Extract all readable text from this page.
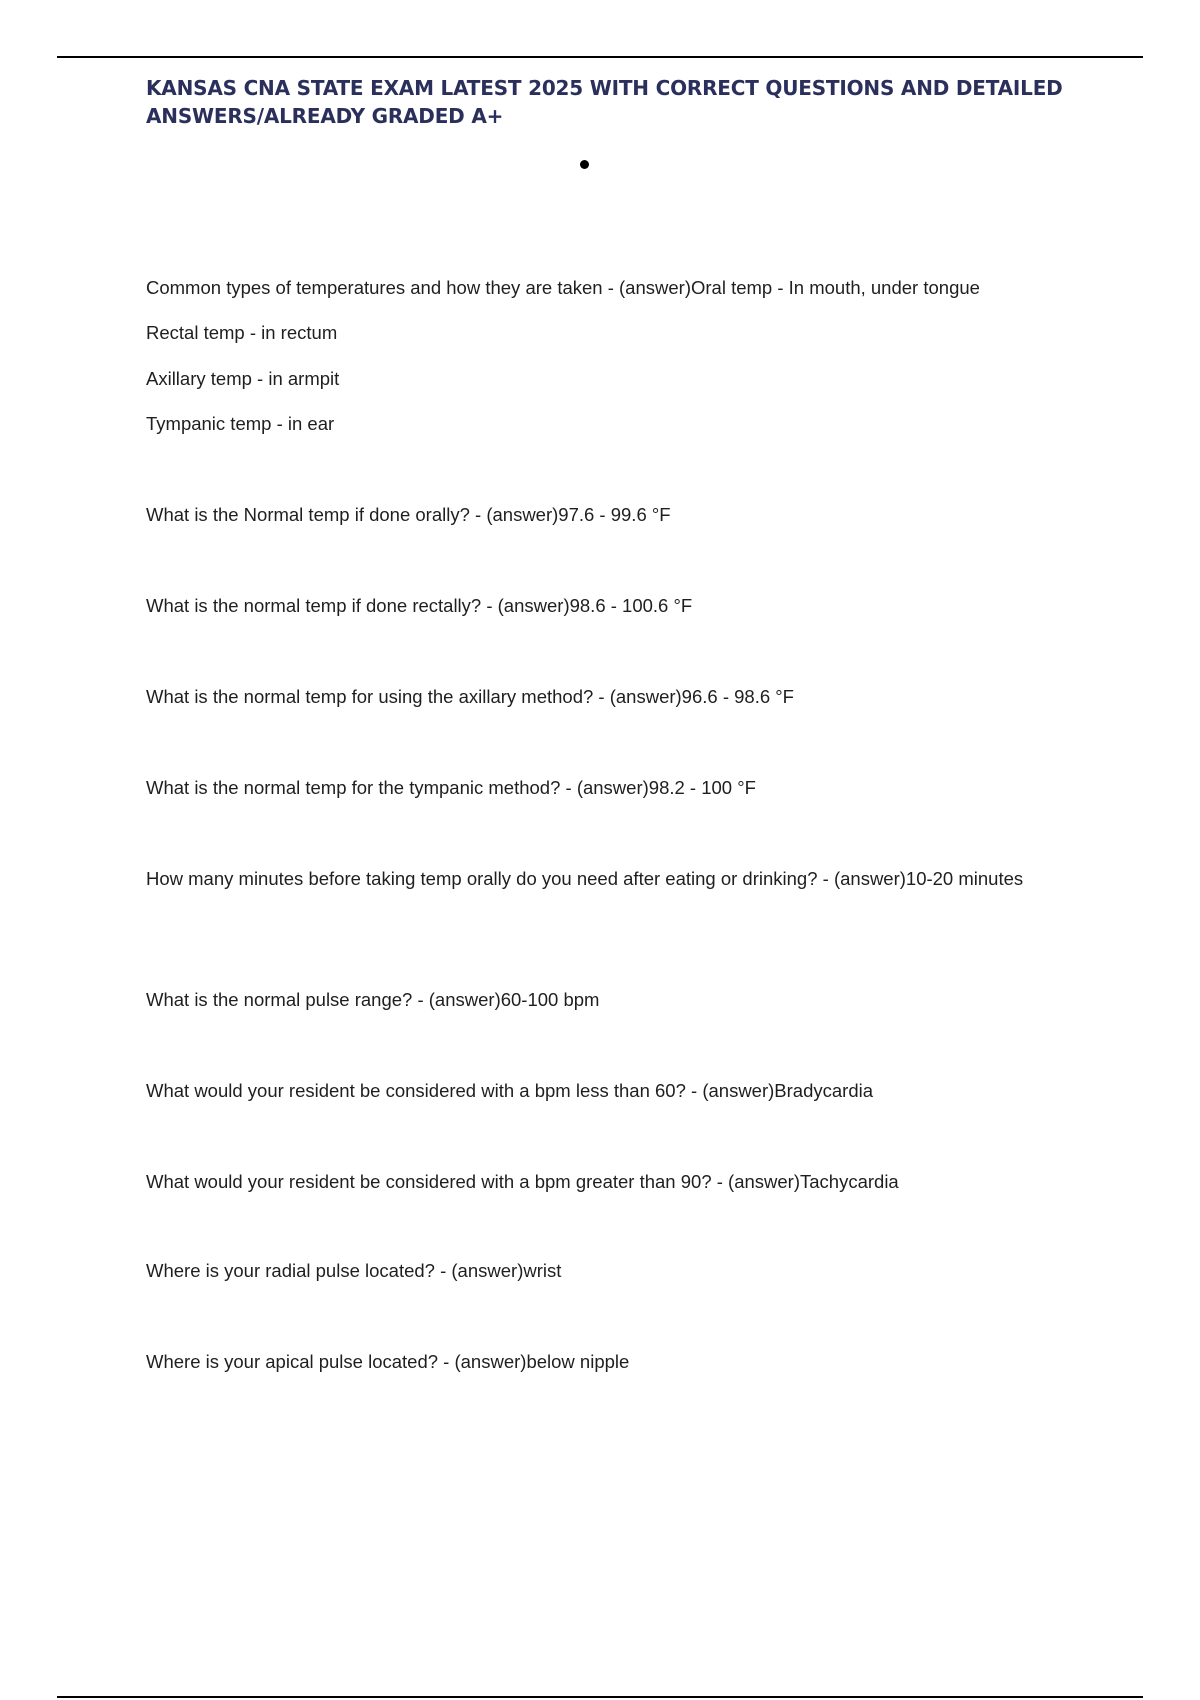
KANSAS CNA STATE EXAM LATEST 2025 WITH CORRECT QUESTIONS AND DETAILED ANSWERS/ALREADY GRADED A+

Common types of temperatures and how they are taken - (answer)Oral temp - In mouth, under tongue

Rectal temp - in rectum

Axillary temp - in armpit

Tympanic temp - in ear

What is the Normal temp if done orally? - (answer)97.6 - 99.6 °F

What is the normal temp if done rectally? - (answer)98.6 - 100.6 °F

What is the normal temp for using the axillary method? - (answer)96.6 - 98.6 °F

What is the normal temp for the tympanic method? - (answer)98.2 - 100 °F

How many minutes before taking temp orally do you need after eating or drinking? - (answer)10-20 minutes

What is the normal pulse range? - (answer)60-100 bpm

What would your resident be considered with a bpm less than 60? - (answer)Bradycardia

What would your resident be considered with a bpm greater than 90? - (answer)Tachycardia

Where is your radial pulse located? - (answer)wrist

Where is your apical pulse located? - (answer)below nipple
